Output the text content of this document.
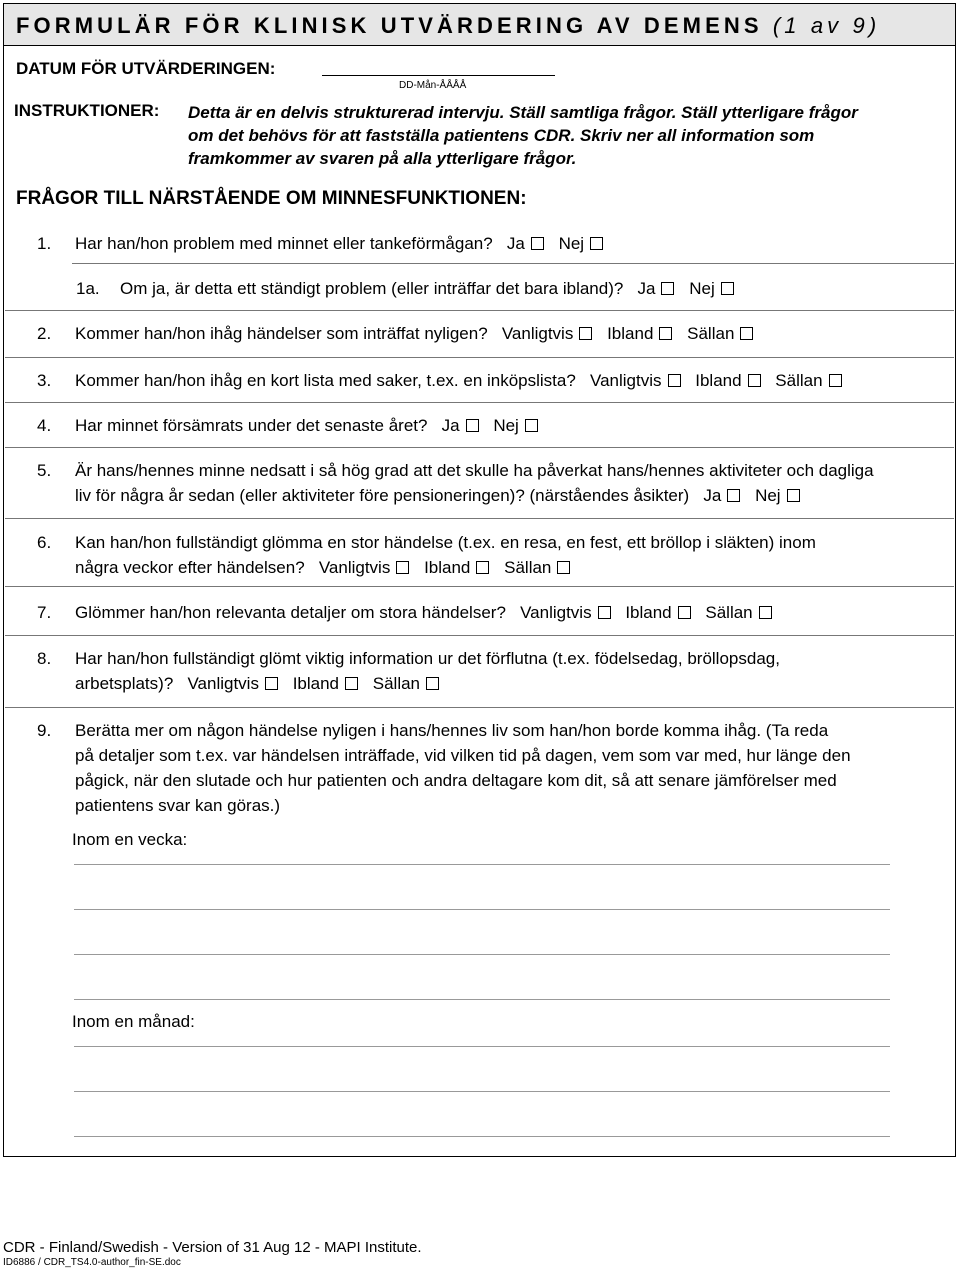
FORMULÄR FÖR KLINISK UTVÄRDERING AV DEMENS (1 av 9)
DATUM FÖR UTVÄRDERINGEN:
DD-Mån-ÅÅÅÅ
INSTRUKTIONER: Detta är en delvis strukturerad intervju. Ställ samtliga frågor. Ställ ytterligare frågor
om det behövs för att fastställa patientens CDR. Skriv ner all information som
framkommer av svaren på alla ytterligare frågor.
FRÅGOR TILL NÄRSTÅENDE OM MINNESFUNKTIONEN:
1. Har han/hon problem med minnet eller tankeförmågan? Ja Nej
1a. Om ja, är detta ett ständigt problem (eller inträffar det bara ibland)? Ja Nej
2. Kommer han/hon ihåg händelser som inträffat nyligen? Vanligtvis Ibland Sällan
3. Kommer han/hon ihåg en kort lista med saker, t.ex. en inköpslista? Vanligtvis Ibland Sällan
4. Har minnet försämrats under det senaste året? Ja Nej
5. Är hans/hennes minne nedsatt i så hög grad att det skulle ha påverkat hans/hennes aktiviteter och dagliga
liv för några år sedan (eller aktiviteter före pensioneringen)? (närståendes åsikter) Ja Nej
6. Kan han/hon fullständigt glömma en stor händelse (t.ex. en resa, en fest, ett bröllop i släkten) inom
några veckor efter händelsen? Vanligtvis Ibland Sällan
7. Glömmer han/hon relevanta detaljer om stora händelser? Vanligtvis Ibland Sällan
8. Har han/hon fullständigt glömt viktig information ur det förflutna (t.ex. födelsedag, bröllopsdag,
arbetsplats)? Vanligtvis Ibland Sällan
9. Berätta mer om någon händelse nyligen i hans/hennes liv som han/hon borde komma ihåg. (Ta reda
på detaljer som t.ex. var händelsen inträffade, vid vilken tid på dagen, vem som var med, hur länge den
pågick, när den slutade och hur patienten och andra deltagare kom dit, så att senare jämförelser med
patientens svar kan göras.)
Inom en vecka:
Inom en månad:
CDR - Finland/Swedish - Version of 31 Aug 12 - MAPI Institute.
ID6886 / CDR_TS4.0-author_fin-SE.doc
